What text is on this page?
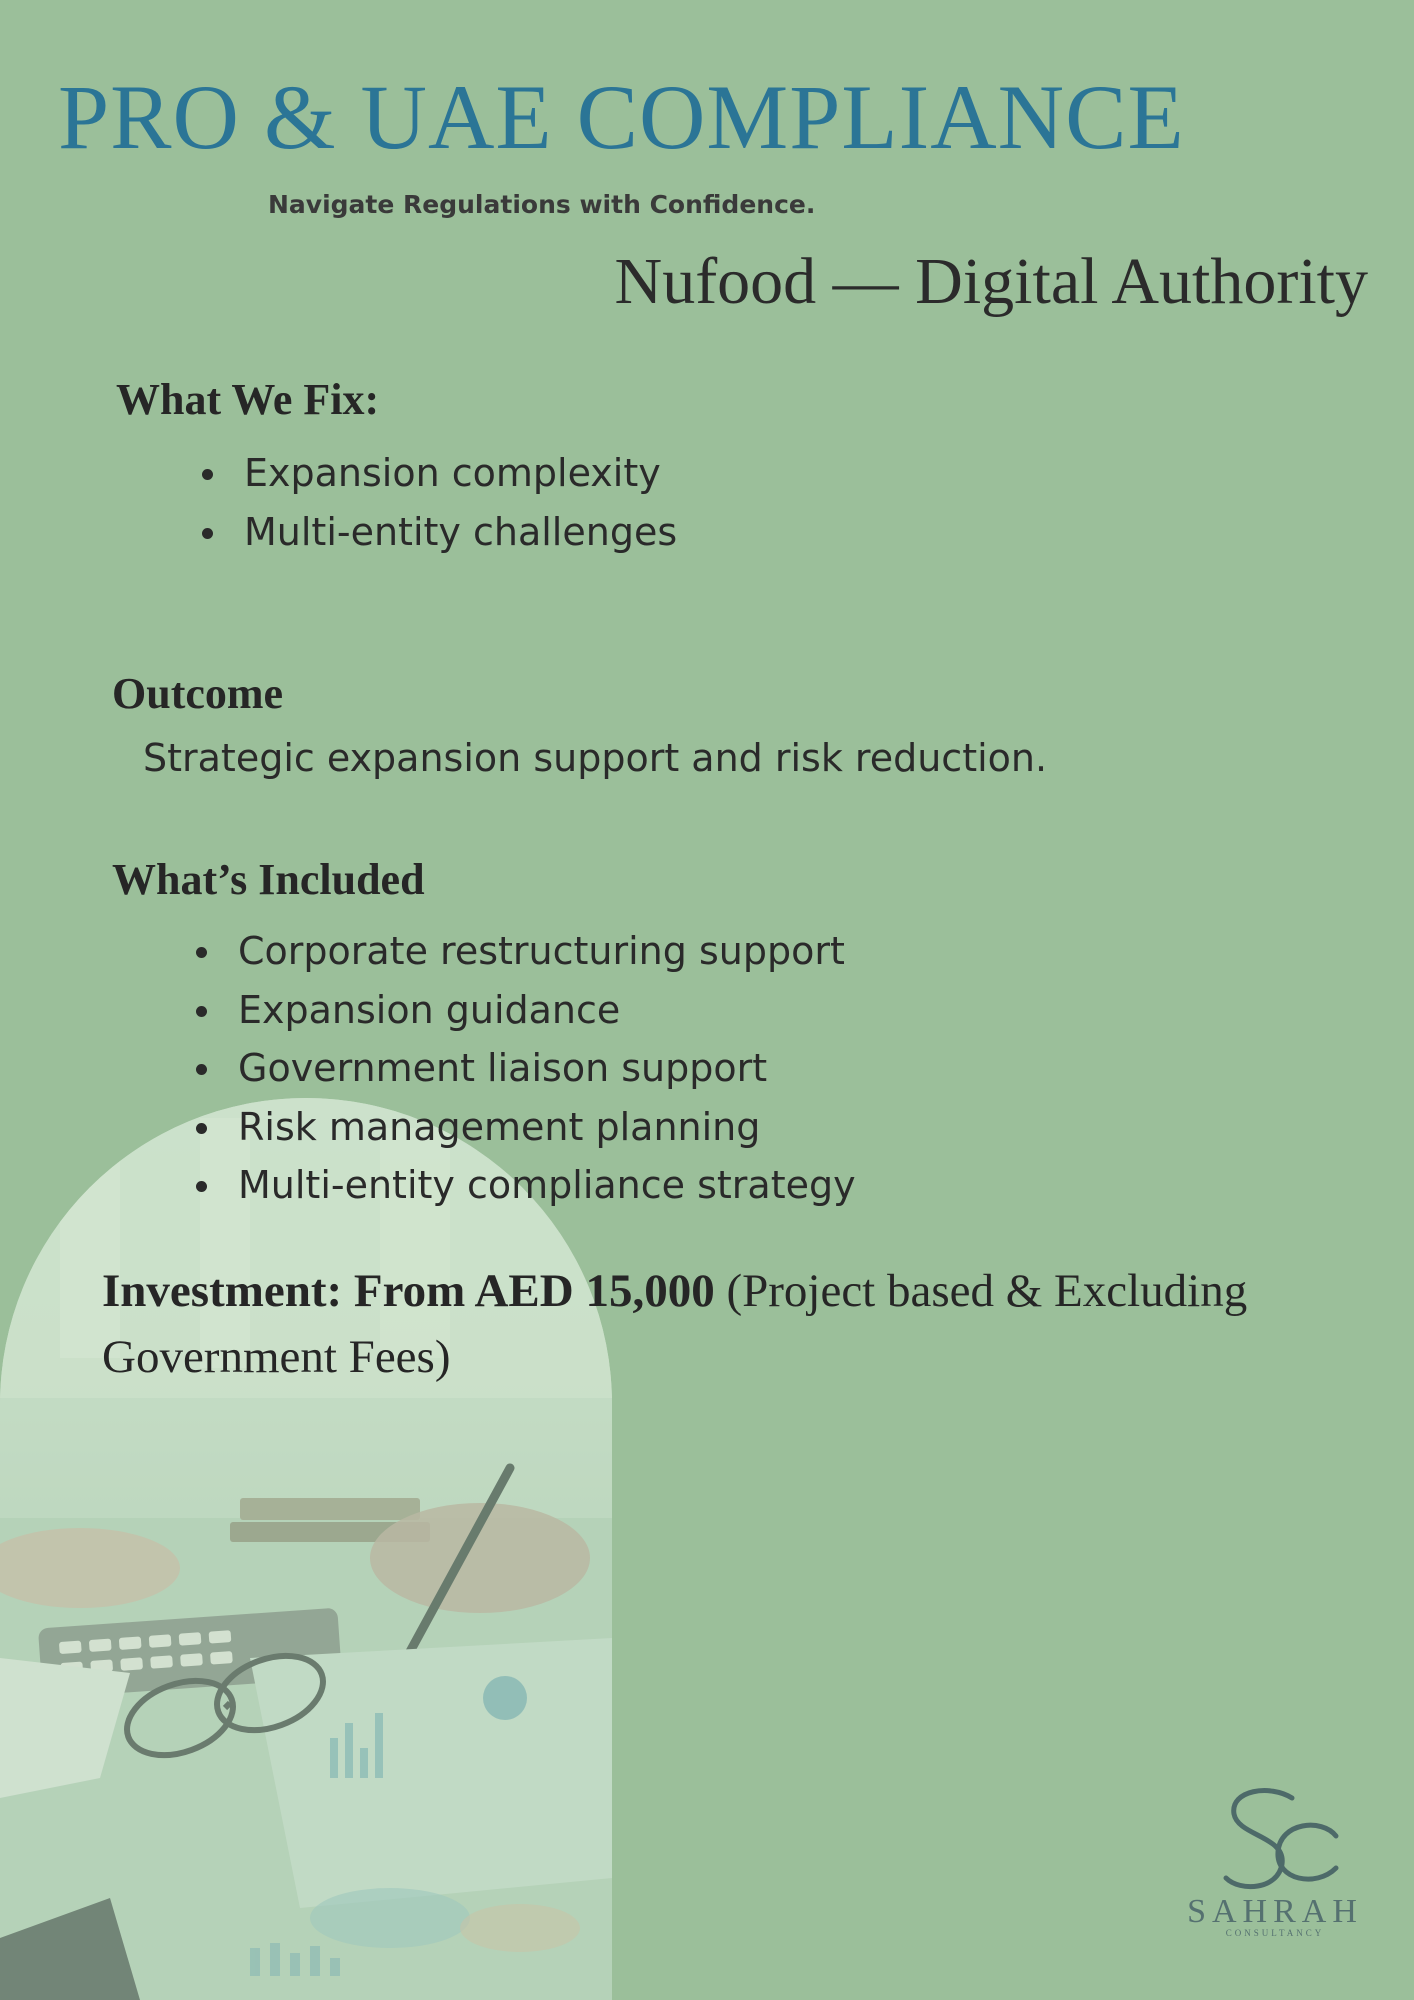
PRO & UAE COMPLIANCE

Navigate Regulations with Confidence.

Nufood — Digital Authority
What We Fix:
Expansion complexity
Multi-entity challenges
Outcome

Strategic expansion support and risk reduction.

What’s Included
Corporate restructuring support
Expansion guidance
Government liaison support
Risk management planning
Multi-entity compliance strategy

Investment: From AED 15,000 (Project based & Excluding Government Fees)

SAHRAH
CONSULTANCY
